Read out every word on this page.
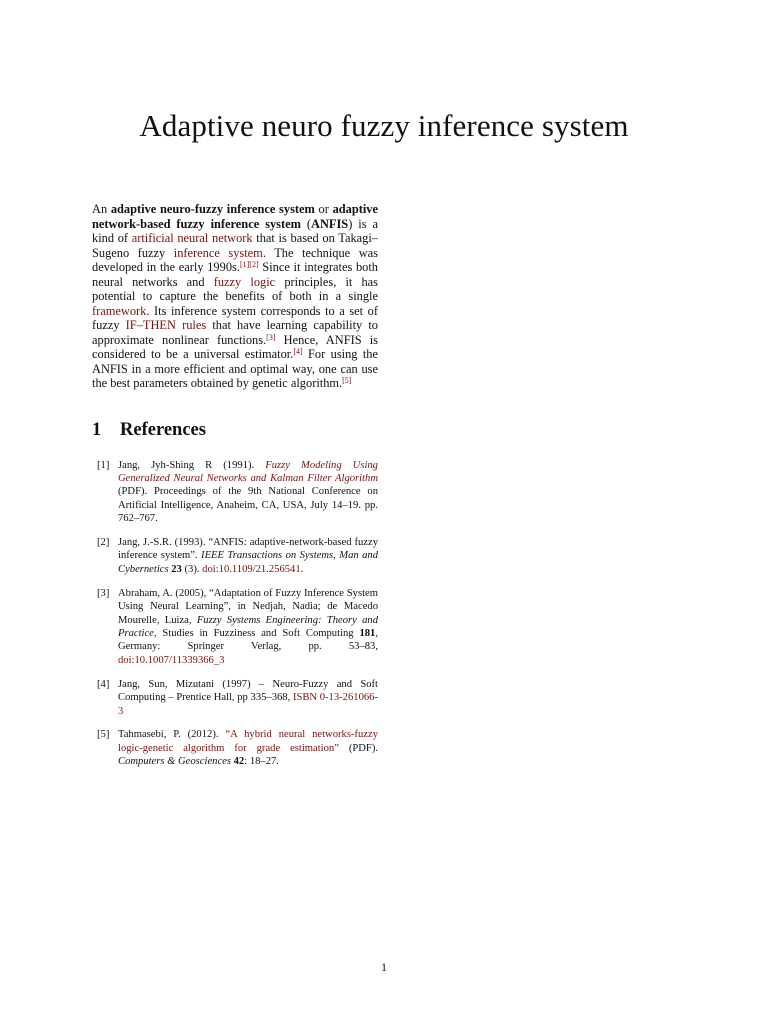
Adaptive neuro fuzzy inference system

An adaptive neuro-fuzzy inference system or adaptive network-based fuzzy inference system (ANFIS) is a kind of artificial neural network that is based on Takagi–Sugeno fuzzy inference system. The technique was developed in the early 1990s.[1][2] Since it integrates both neural networks and fuzzy logic principles, it has potential to capture the benefits of both in a single framework. Its inference system corresponds to a set of fuzzy IF–THEN rules that have learning capability to approximate nonlinear functions.[3] Hence, ANFIS is considered to be a universal estimator.[4] For using the ANFIS in a more efficient and optimal way, one can use the best parameters obtained by genetic algorithm.[5]

1 References
[1] Jang, Jyh-Shing R (1991). Fuzzy Modeling Using Generalized Neural Networks and Kalman Filter Algorithm (PDF). Proceedings of the 9th National Conference on Artificial Intelligence, Anaheim, CA, USA, July 14–19. pp. 762–767.
[2] Jang, J.-S.R. (1993). “ANFIS: adaptive-network-based fuzzy inference system”. IEEE Transactions on Systems, Man and Cybernetics 23 (3). doi:10.1109/21.256541.
[3] Abraham, A. (2005), “Adaptation of Fuzzy Inference System Using Neural Learning”, in Nedjah, Nadia; de Macedo Mourelle, Luiza, Fuzzy Systems Engineering: Theory and Practice, Studies in Fuzziness and Soft Computing 181, Germany: Springer Verlag, pp. 53–83, doi:10.1007/11339366_3
[4] Jang, Sun, Mizutani (1997) – Neuro-Fuzzy and Soft Computing – Prentice Hall, pp 335–368, ISBN 0-13-261066-3
[5] Tahmasebi, P. (2012). “A hybrid neural networks-fuzzy logic-genetic algorithm for grade estimation” (PDF). Computers & Geosciences 42: 18–27.
1
